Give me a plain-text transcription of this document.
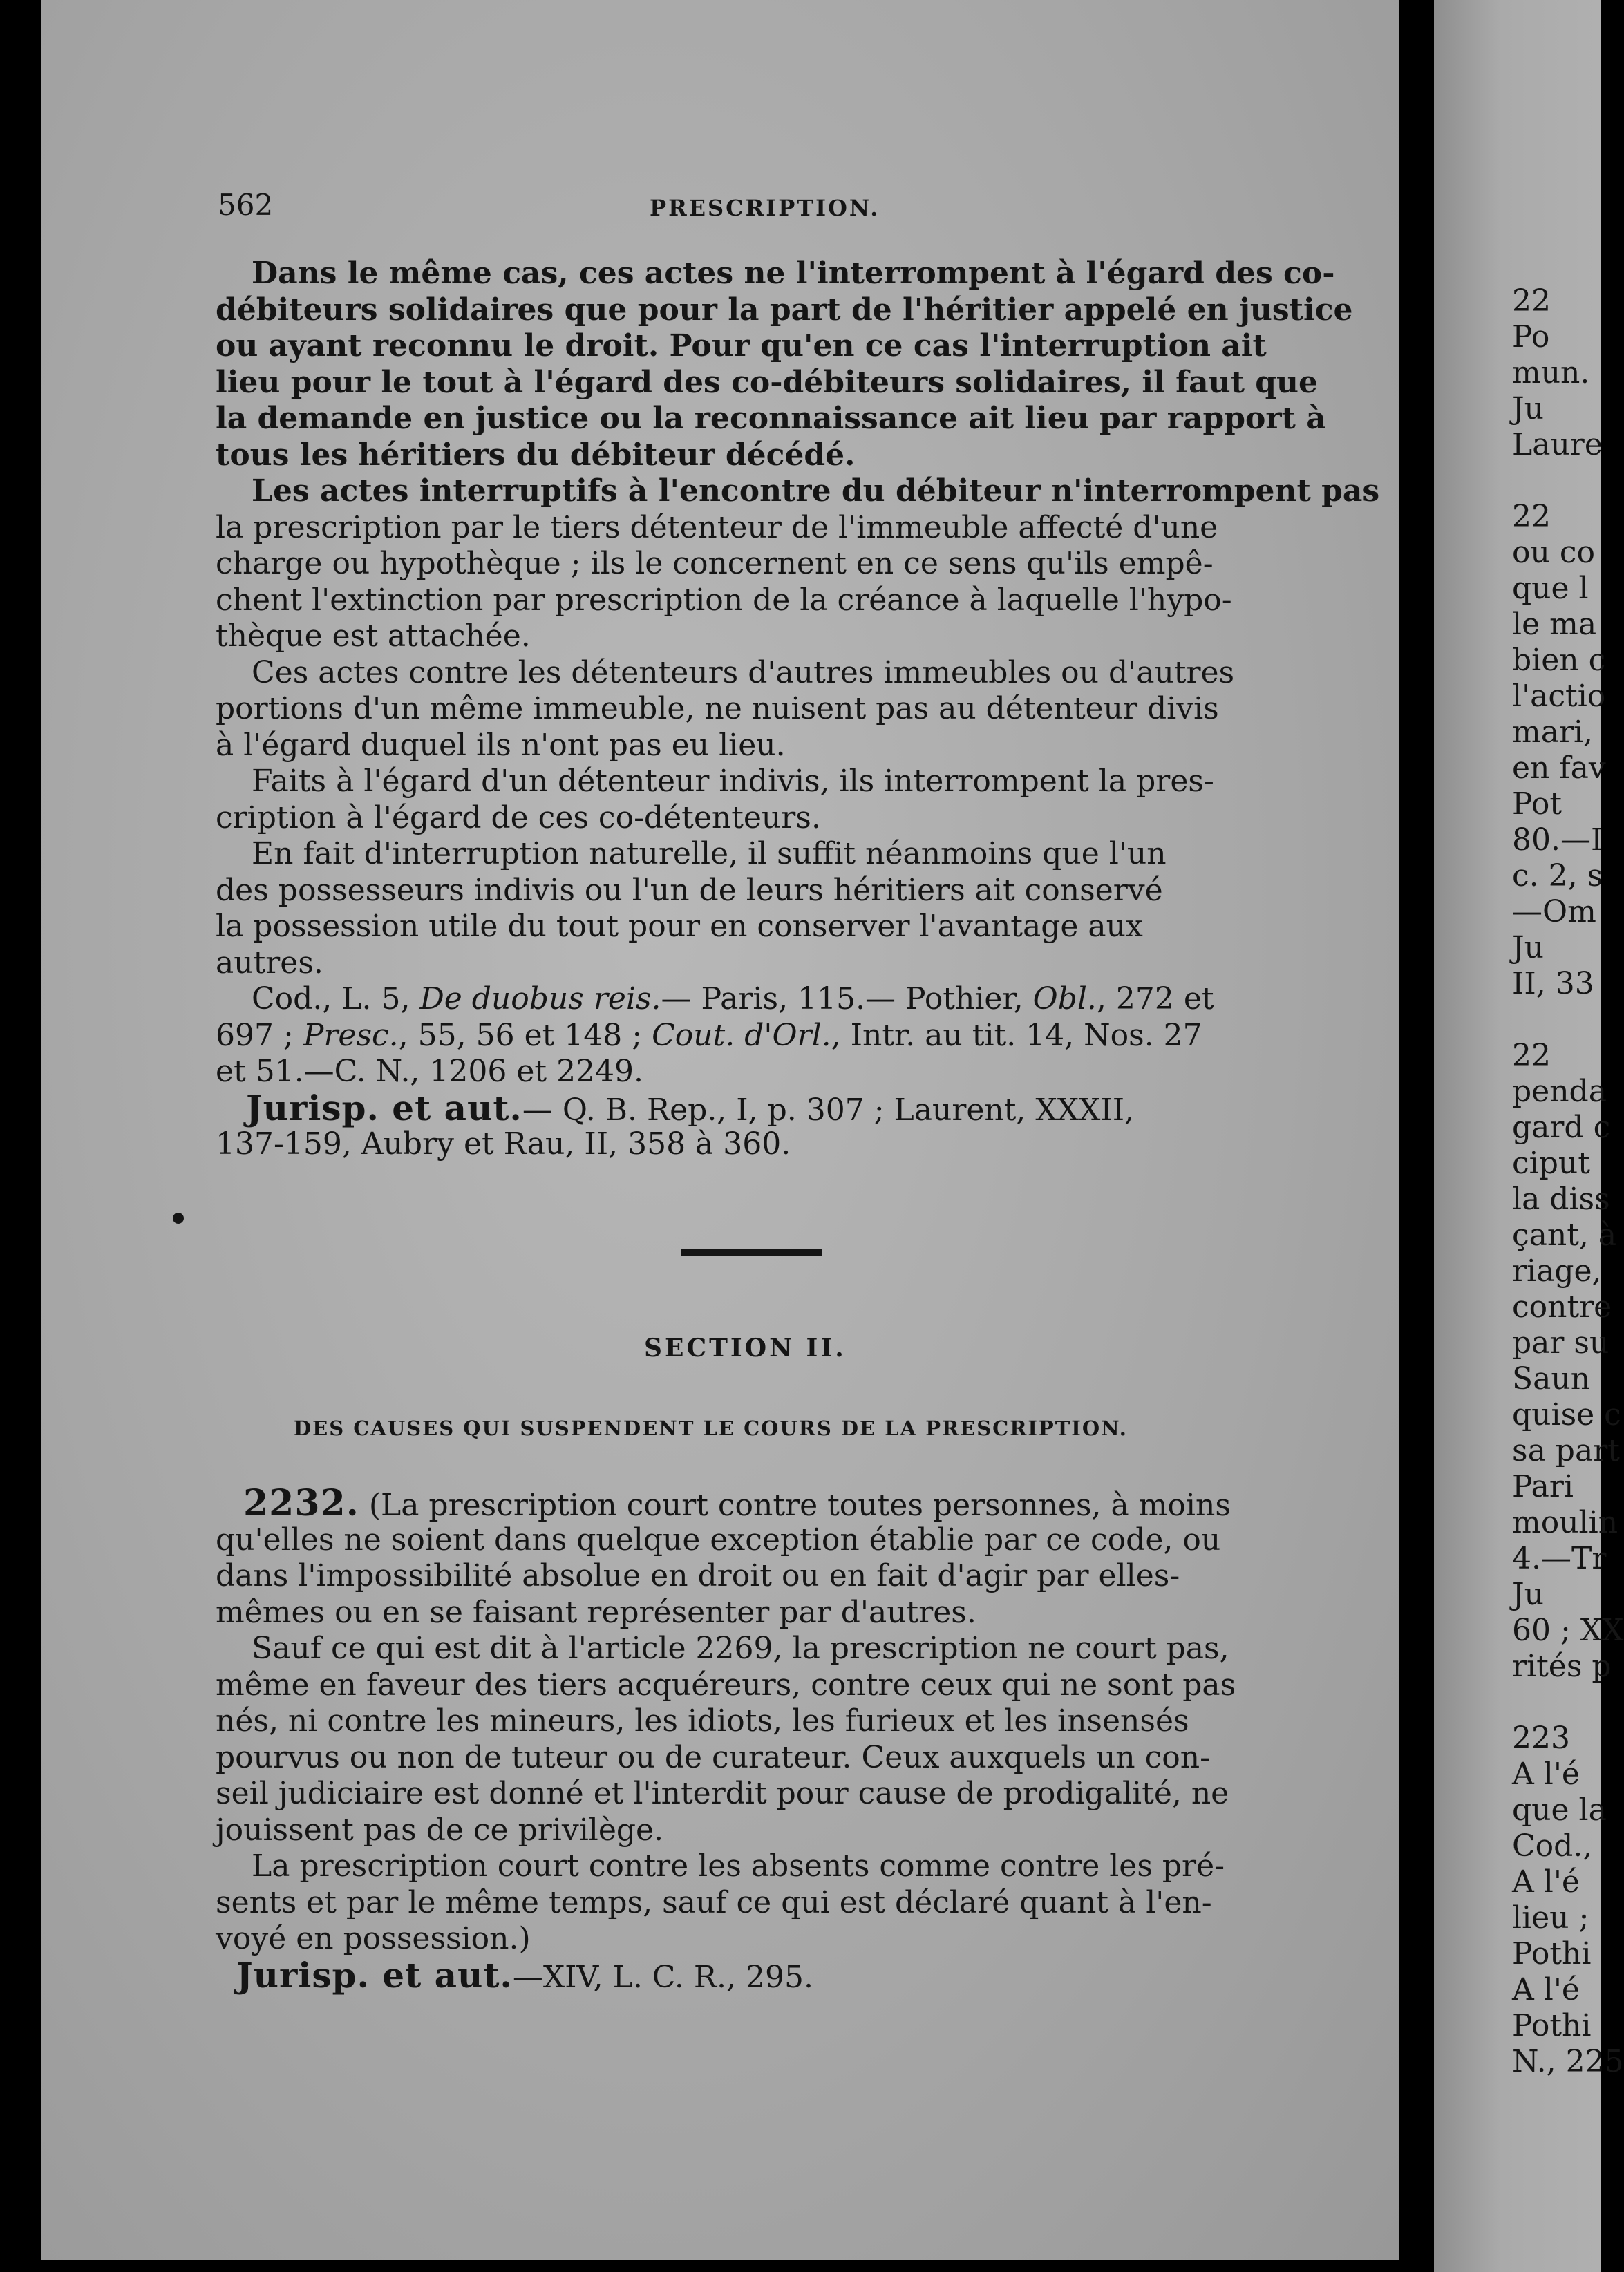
562	PRESCRIPTION.
Dans le même cas, ces actes ne l'interrompent à l'égard des co-
débiteurs solidaires que pour la part de l'héritier appelé en justice
ou ayant reconnu le droit. Pour qu'en ce cas l'interruption ait
lieu pour le tout à l'égard des co-débiteurs solidaires, il faut que
la demande en justice ou la reconnaissance ait lieu par rapport à
tous les héritiers du débiteur décédé.
Les actes interruptifs à l'encontre du débiteur n'interrompent pas
la prescription par le tiers détenteur de l'immeuble affecté d'une
charge ou hypothèque ; ils le concernent en ce sens qu'ils empê-
chent l'extinction par prescription de la créance à laquelle l'hypo-
thèque est attachée.
Ces actes contre les détenteurs d'autres immeubles ou d'autres
portions d'un même immeuble, ne nuisent pas au détenteur divis
à l'égard duquel ils n'ont pas eu lieu.
Faits à l'égard d'un détenteur indivis, ils interrompent la pres-
cription à l'égard de ces co-détenteurs.
En fait d'interruption naturelle, il suffit néanmoins que l'un
des possesseurs indivis ou l'un de leurs héritiers ait conservé
la possession utile du tout pour en conserver l'avantage aux
autres.
Cod., L. 5, De duobus reis.— Paris, 115.— Pothier, Obl., 272 et
697 ; Presc., 55, 56 et 148 ; Cout. d'Orl., Intr. au tit. 14, Nos. 27
et 51.—C. N., 1206 et 2249.
Jurisp. et aut.— Q. B. Rep., I, p. 307 ; Laurent, XXXII,
137-159, Aubry et Rau, II, 358 à 360.
SECTION II.
DES CAUSES QUI SUSPENDENT LE COURS DE LA PRESCRIPTION.
2232. (La prescription court contre toutes personnes, à moins
qu'elles ne soient dans quelque exception établie par ce code, ou
dans l'impossibilité absolue en droit ou en fait d'agir par elles-
mêmes ou en se faisant représenter par d'autres.
Sauf ce qui est dit à l'article 2269, la prescription ne court pas,
même en faveur des tiers acquéreurs, contre ceux qui ne sont pas
nés, ni contre les mineurs, les idiots, les furieux et les insensés
pourvus ou non de tuteur ou de curateur. Ceux auxquels un con-
seil judiciaire est donné et l'interdit pour cause de prodigalité, ne
jouissent pas de ce privilège.
La prescription court contre les absents comme contre les pré-
sents et par le même temps, sauf ce qui est déclaré quant à l'en-
voyé en possession.)
Jurisp. et aut.—XIV, L. C. R., 295.
22
Po
mun.
Ju
Laure
22
ou co
que l
le ma
bien c
l'actio
mari,
en fav
Pot
80.—I
c. 2, s
—Om
Ju
II, 33
22
penda
gard c
ciput
la diss
çant, à
riage,
contre
par su
Saun
quise c
sa part
Pari
moulin
4.—Tr
Ju
60 ; XX
rités p
223
A l'é
que la
Cod.,
A l'é
lieu ;
Pothi
A l'é
Pothi
N., 225
